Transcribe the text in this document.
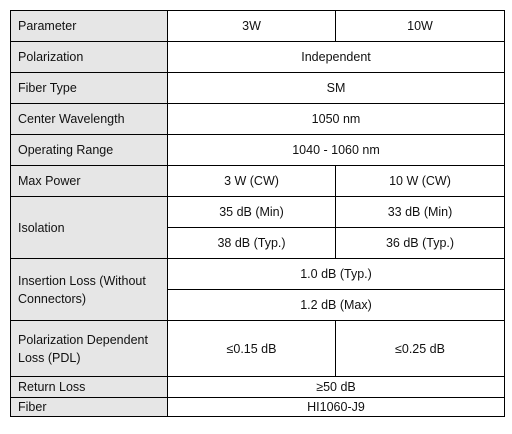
Parameter	3W	10W
Polarization	Independent	
Fiber Type	SM	
Center Wavelength	1050 nm	
Operating Range	1040 - 1060 nm	
Max Power	3 W (CW)	10 W (CW)
Isolation	35 dB (Min)	33 dB (Min)
	38 dB (Typ.)	36 dB (Typ.)
Insertion Loss (Without Connectors)	1.0 dB (Typ.)	
	1.2 dB (Max)	
Polarization Dependent Loss (PDL)	≤0.15 dB	≤0.25 dB
Return Loss	≥50 dB	
Fiber	HI1060-J9	
